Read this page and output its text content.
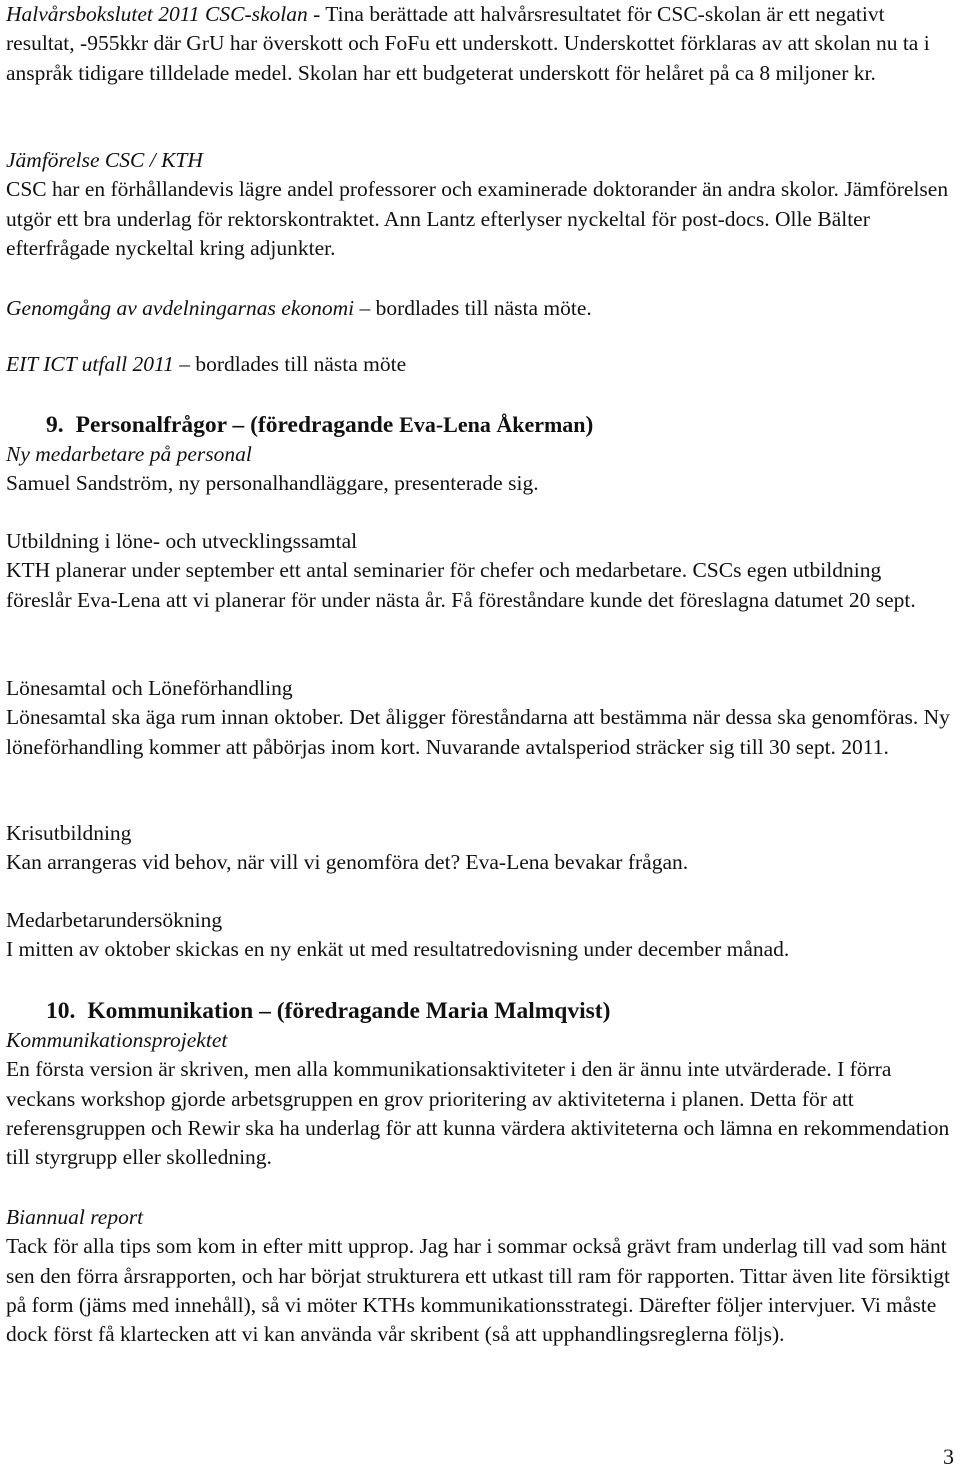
Halvårsbokslutet 2011 CSC-skolan - Tina berättade att halvårsresultatet för CSC-skolan är ett negativt resultat, -955kkr där GrU har överskott och FoFu ett underskott. Underskottet förklaras av att skolan nu ta i anspråk tidigare tilldelade medel. Skolan har ett budgeterat underskott för helåret på ca 8 miljoner kr.
Jämförelse CSC / KTH
CSC har en förhållandevis lägre andel professorer och examinerade doktorander än andra skolor. Jämförelsen utgör ett bra underlag för rektorskontraktet. Ann Lantz efterlyser nyckeltal för post-docs. Olle Bälter efterfrågade nyckeltal kring adjunkter.
Genomgång av avdelningarnas ekonomi – bordlades till nästa möte.
EIT ICT utfall 2011 – bordlades till nästa möte
9. Personalfrågor – (föredragande Eva-Lena Åkerman)
Ny medarbetare på personal
Samuel Sandström, ny personalhandläggare, presenterade sig.
Utbildning i löne- och utvecklingssamtal
KTH planerar under september ett antal seminarier för chefer och medarbetare. CSCs egen utbildning föreslår Eva-Lena att vi planerar för under nästa år. Få föreståndare kunde det föreslagna datumet 20 sept.
Lönesamtal och Löneförhandling
Lönesamtal ska äga rum innan oktober. Det åligger föreståndarna att bestämma när dessa ska genomföras. Ny löneförhandling kommer att påbörjas inom kort. Nuvarande avtalsperiod sträcker sig till 30 sept. 2011.
Krisutbildning
Kan arrangeras vid behov, när vill vi genomföra det? Eva-Lena bevakar frågan.
Medarbetarundersökning
I mitten av oktober skickas en ny enkät ut med resultatredovisning under december månad.
10. Kommunikation – (föredragande Maria Malmqvist)
Kommunikationsprojektet
En första version är skriven, men alla kommunikationsaktiviteter i den är ännu inte utvärderade. I förra veckans workshop gjorde arbetsgruppen en grov prioritering av aktiviteterna i planen. Detta för att referensgruppen och Rewir ska ha underlag för att kunna värdera aktiviteterna och lämna en rekommendation till styrgrupp eller skolledning.
Biannual report
Tack för alla tips som kom in efter mitt upprop. Jag har i sommar också grävt fram underlag till vad som hänt sen den förra årsrapporten, och har börjat strukturera ett utkast till ram för rapporten. Tittar även lite försiktigt på form (jäms med innehåll), så vi möter KTHs kommunikationsstrategi. Därefter följer intervjuer. Vi måste dock först få klartecken att vi kan använda vår skribent (så att upphandlingsreglerna följs).
3
